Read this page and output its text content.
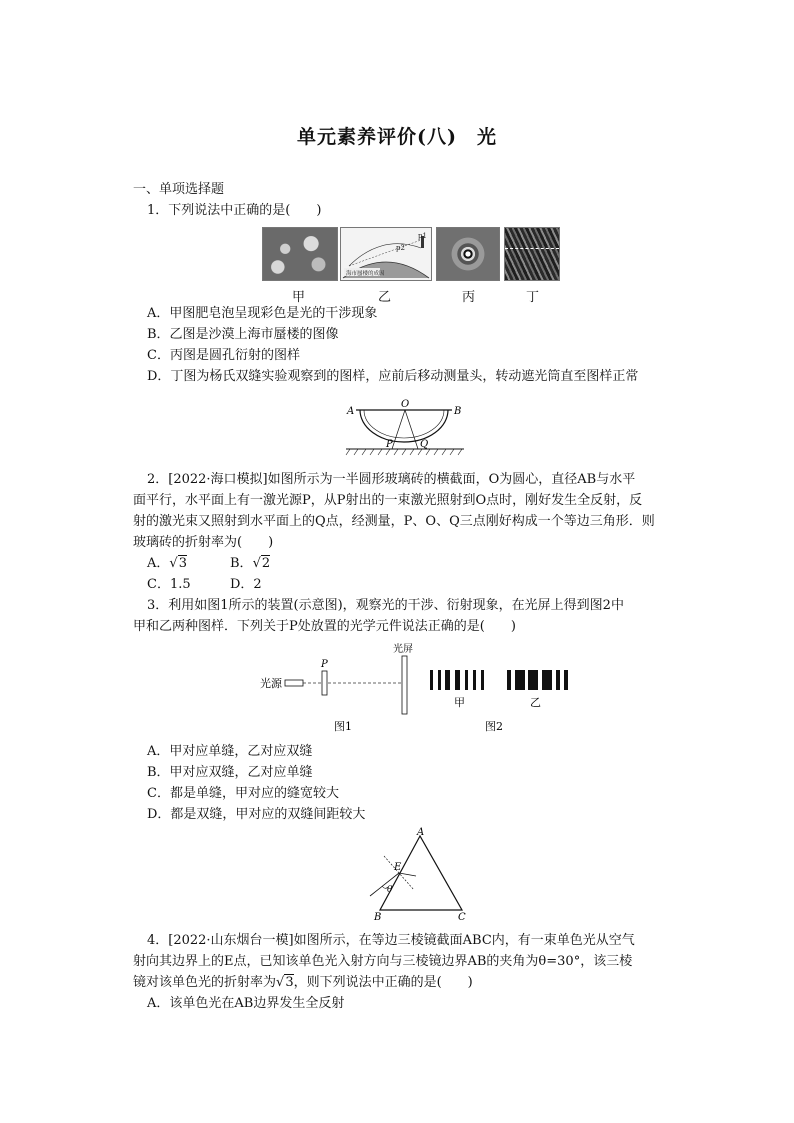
单元素养评价(八)　光
一、单项选择题
1．下列说法中正确的是(　　)
p1
p2
海市蜃楼的成因
甲	乙	丙	丁
A．甲图肥皂泡呈现彩色是光的干涉现象
B．乙图是沙漠上海市蜃楼的图像
C．丙图是圆孔衍射的图样
D．丁图为杨氏双缝实验观察到的图样，应前后移动测量头，转动遮光筒直至图样正常
A
O
B
P	Q
2．[2022·海口模拟]如图所示为一半圆形玻璃砖的横截面，O为圆心，直径AB与水平
面平行，水平面上有一激光源P，从P射出的一束激光照射到O点时，刚好发生全反射，反
射的激光束又照射到水平面上的Q点，经测量，P、O、Q三点刚好构成一个等边三角形．则
玻璃砖的折射率为(　　)
A．√3	B．√2
C．1.5	D．2
3．利用如图1所示的装置(示意图)，观察光的干涉、衍射现象，在光屏上得到图2中
甲和乙两种图样．下列关于P处放置的光学元件说法正确的是(　　)
光源
P
光屏
甲	乙
图1	图2
A．甲对应单缝，乙对应双缝
B．甲对应双缝，乙对应单缝
C．都是单缝，甲对应的缝宽较大
D．都是双缝，甲对应的双缝间距较大
A
B	C
E
θ
4．[2022·山东烟台一模]如图所示，在等边三棱镜截面ABC内，有一束单色光从空气
射向其边界上的E点，已知该单色光入射方向与三棱镜边界AB的夹角为θ=30°，该三棱
镜对该单色光的折射率为√3，则下列说法中正确的是(　　)
A．该单色光在AB边界发生全反射
